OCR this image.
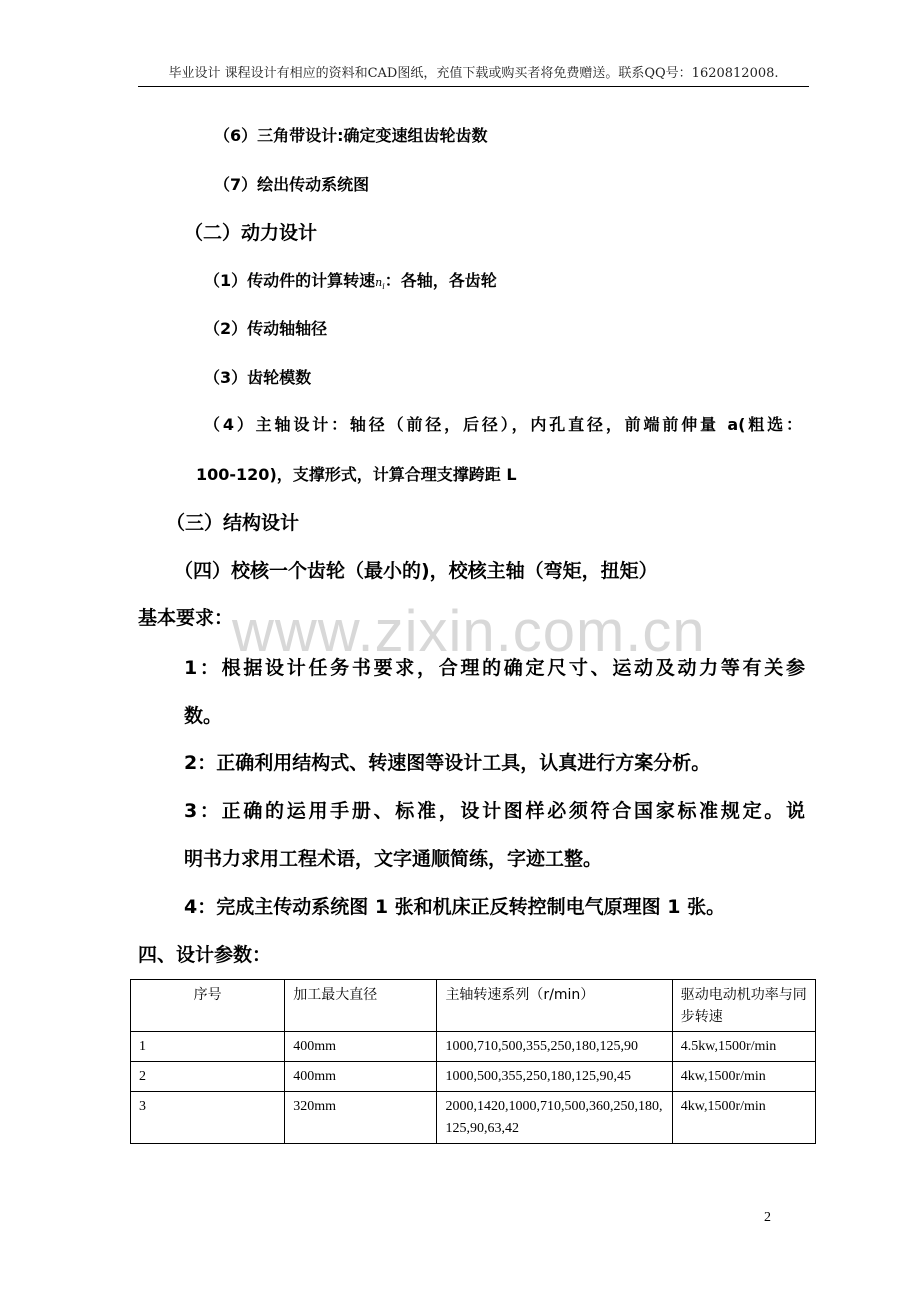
毕业设计 课程设计有相应的资料和CAD图纸，充值下载或购买者将免费赠送。联系QQ号：1620812008.
（6）三角带设计:确定变速组齿轮齿数
（7）绘出传动系统图
（二）动力设计
（1）传动件的计算转速$n_i$：各轴，各齿轮
（2）传动轴轴径
（3）齿轮模数
（4）主轴设计：轴径（前径，后径），内孔直径，前端前伸量 a(粗选：
100-120)，支撑形式，计算合理支撑跨距 L
（三）结构设计
（四）校核一个齿轮（最小的)，校核主轴（弯矩，扭矩）
基本要求：
www.zixin.com.cn
1：根据设计任务书要求，合理的确定尺寸、运动及动力等有关参
数。
2：正确利用结构式、转速图等设计工具，认真进行方案分析。
3：正确的运用手册、标准，设计图样必须符合国家标准规定。说
明书力求用工程术语，文字通顺简练，字迹工整。
4：完成主传动系统图 1 张和机床正反转控制电气原理图 1 张。
四、设计参数：
序号	加工最大直径	主轴转速系列（r/min）	驱动电动机功率与同步转速
1	400mm	1000,710,500,355,250,180,125,90	4.5kw,1500r/min
2	400mm	1000,500,355,250,180,125,90,45	4kw,1500r/min
3	320mm	2000,1420,1000,710,500,360,250,180,125,90,63,42	4kw,1500r/min
2
